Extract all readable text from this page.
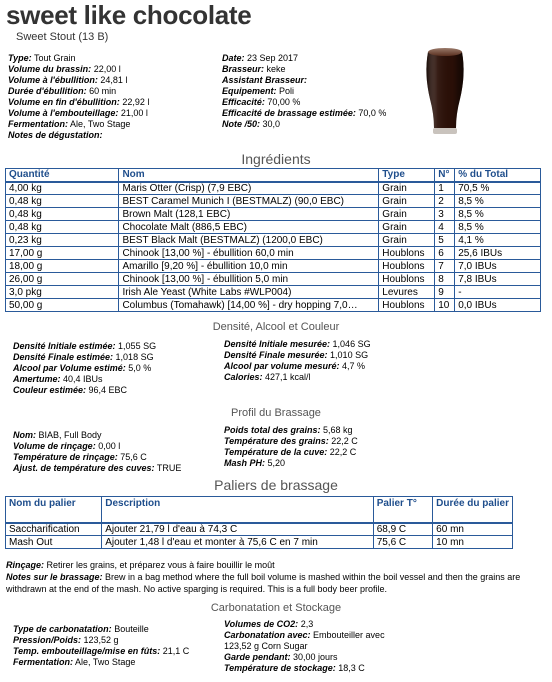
sweet like chocolate
Sweet Stout (13 B)
Type: Tout Grain
Volume du brassin: 22,00 l
Volume à l'ébullition: 24,81 l
Durée d'ébullition: 60 min
Volume en fin d'ébullition: 22,92 l
Volume à l'embouteillage: 21,00 l
Fermentation: Ale, Two Stage
Notes de dégustation:
Date: 23 Sep 2017
Brasseur: keke
Assistant Brasseur:
Equipement: Poli
Efficacité: 70,00 %
Efficacité de brassage estimée: 70,0 %
Note /50: 30,0
Ingrédients
Quantité	Nom	Type	N°	% du Total
4,00 kg	Maris Otter (Crisp) (7,9 EBC)	Grain	1	70,5 %
0,48 kg	BEST Caramel Munich I (BESTMALZ) (90,0 EBC)	Grain	2	8,5 %
0,48 kg	Brown Malt (128,1 EBC)	Grain	3	8,5 %
0,48 kg	Chocolate Malt (886,5 EBC)	Grain	4	8,5 %
0,23 kg	BEST Black Malt (BESTMALZ) (1200,0 EBC)	Grain	5	4,1 %
17,00 g	Chinook [13,00 %] - ébullition 60,0 min	Houblons	6	25,6 IBUs
18,00 g	Amarillo [9,20 %] - ébullition 10,0 min	Houblons	7	7,0 IBUs
26,00 g	Chinook [13,00 %] - ébullition 5,0 min	Houblons	8	7,8 IBUs
3,0 pkg	Irish Ale Yeast (White Labs #WLP004)	Levures	9	-
50,00 g	Columbus (Tomahawk) [14,00 %] - dry hopping 7,0…	Houblons	10	0,0 IBUs
Densité, Alcool et Couleur
Densité Initiale estimée: 1,055 SG
Densité Finale estimée: 1,018 SG
Alcool par Volume estimé: 5,0 %
Amertume: 40,4 IBUs
Couleur estimée: 96,4 EBC
Densité Initiale mesurée: 1,046 SG
Densité Finale mesurée: 1,010 SG
Alcool par volume mesuré: 4,7 %
Calories: 427,1 kcal/l
Profil du Brassage
Nom: BIAB, Full Body
Volume de rinçage: 0,00 l
Température de rinçage: 75,6 C
Ajust. de température des cuves: TRUE
Poids total des grains: 5,68 kg
Température des grains: 22,2 C
Température de la cuve: 22,2 C
Mash PH: 5,20
Paliers de brassage
Nom du palier	Description	Palier T°	Durée du palier
Saccharification	Ajouter 21,79 l d'eau à 74,3 C	68,9 C	60 mn
Mash Out	Ajouter 1,48 l d'eau et monter à 75,6 C en 7 min	75,6 C	10 mn
Rinçage: Retirer les grains, et préparez vous à faire bouillir le moût
Notes sur le brassage: Brew in a bag method where the full boil volume is mashed within the boil vessel and then the grains are withdrawn at the end of the mash. No active sparging is required. This is a full body beer profile.
Carbonatation et Stockage
Type de carbonatation: Bouteille
Pression/Poids: 123,52 g
Temp. embouteillage/mise en fûts: 21,1 C
Fermentation: Ale, Two Stage
Volumes de CO2: 2,3
Carbonatation avec: Embouteiller avec
123,52 g Corn Sugar
Garde pendant: 30,00 jours
Température de stockage: 18,3 C
